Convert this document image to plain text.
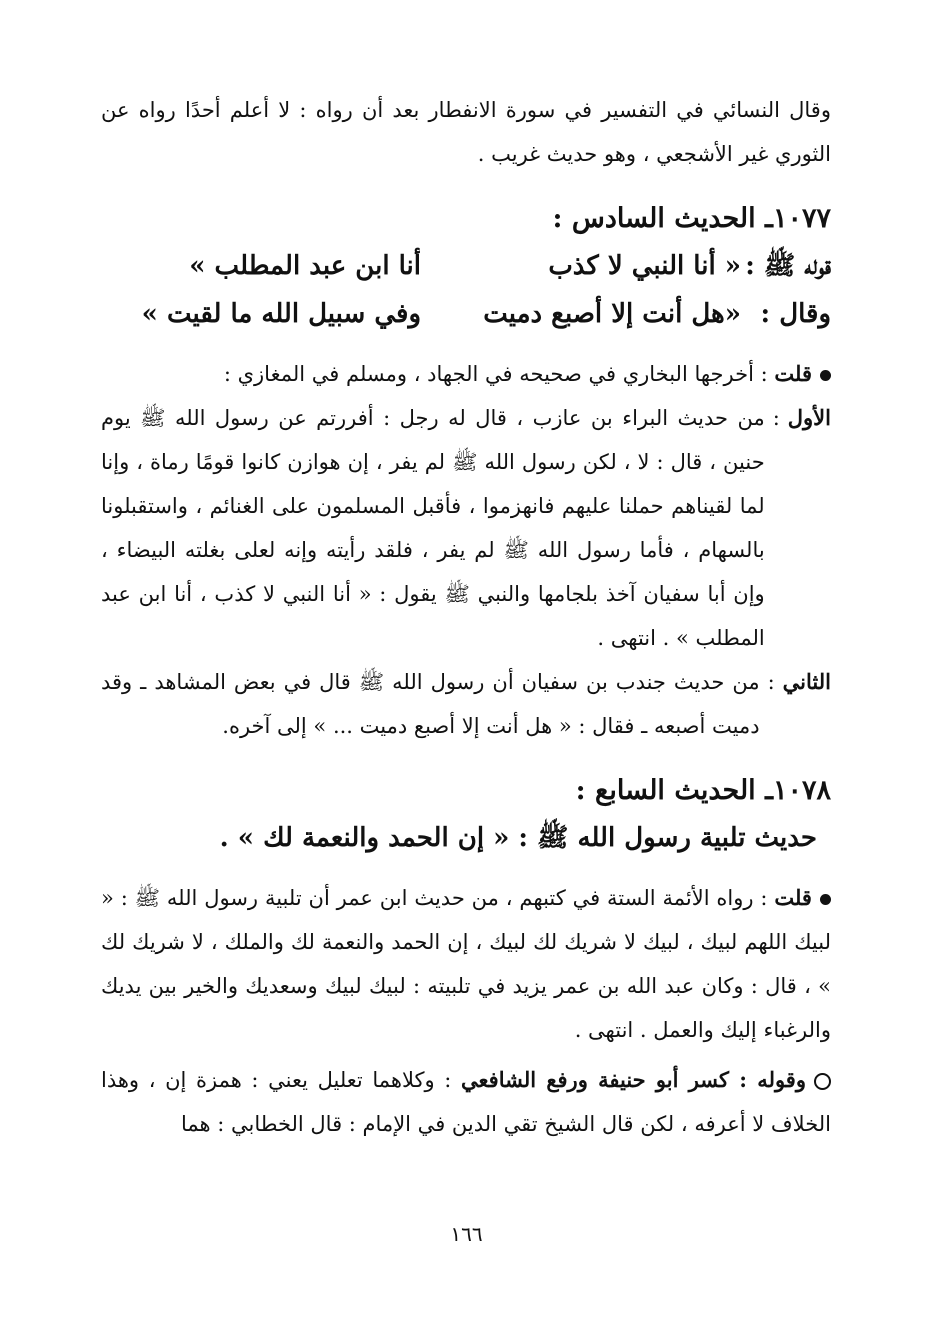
وقال النسائي في التفسير في سورة الانفطار بعد أن رواه : لا أعلم أحدًا رواه عن الثوري غير الأشجعي ، وهو حديث غريب .

١٠٧٧ـ الحديث السادس :

قوله ﷺ :
« أنا النبي لا كذب
أنا ابن عبد المطلب »
وقال :
«هل أنت إلا أصبع دميت
وفي سبيل الله ما لقيت »

قلت : أخرجها البخاري في صحيحه في الجهاد ، ومسلم في المغازي :

الأول
:
من حديث البراء بن عازب ، قال له رجل : أفررتم عن رسول الله ﷺ يوم حنين ، قال : لا ، لكن رسول الله ﷺ لم يفر ، إن هوازن كانوا قومًا رماة ، وإنا لما لقيناهم حملنا عليهم فانهزموا ، فأقبل المسلمون على الغنائم ، واستقبلونا بالسهام ، فأما رسول الله ﷺ لم يفر ، فلقد رأيته وإنه لعلى بغلته البيضاء ، وإن أبا سفيان آخذ بلجامها والنبي ﷺ يقول : « أنا النبي لا كذب ، أنا ابن عبد المطلب » . انتهى .
الثاني
:
من حديث جندب بن سفيان أن رسول الله ﷺ قال في بعض المشاهد ـ وقد دميت أصبعه ـ فقال : « هل أنت إلا أصبع دميت ... » إلى آخره.

١٠٧٨ـ الحديث السابع :

حديث تلبية رسول الله ﷺ : « إن الحمد والنعمة لك » .

قلت : رواه الأئمة الستة في كتبهم ، من حديث ابن عمر أن تلبية رسول الله ﷺ : « لبيك اللهم لبيك ، لبيك لا شريك لك لبيك ، إن الحمد والنعمة لك والملك ، لا شريك لك » ، قال : وكان عبد الله بن عمر يزيد في تلبيته : لبيك لبيك وسعديك والخير بين يديك والرغباء إليك والعمل . انتهى .

وقوله : كسر أبو حنيفة ورفع الشافعي : وكلاهما تعليل يعني : همزة إن ، وهذا الخلاف لا أعرفه ، لكن قال الشيخ تقي الدين في الإمام : قال الخطابي : هما

١٦٦
